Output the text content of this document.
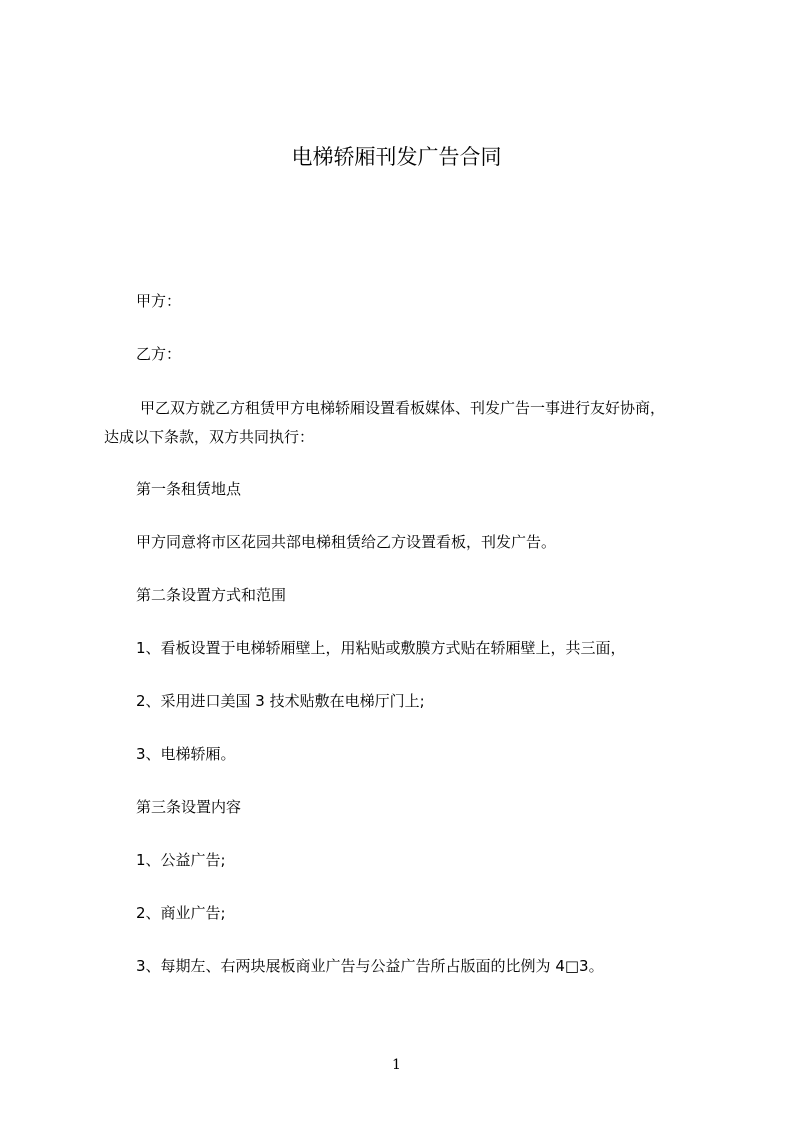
电梯轿厢刊发广告合同

甲方：

乙方：

甲乙双方就乙方租赁甲方电梯轿厢设置看板媒体、刊发广告一事进行友好协商，

达成以下条款，双方共同执行：

第一条租赁地点

甲方同意将市区花园共部电梯租赁给乙方设置看板，刊发广告。

第二条设置方式和范围

1、看板设置于电梯轿厢壁上，用粘贴或敷膜方式贴在轿厢壁上，共三面，

2、采用进口美国 3 技术贴敷在电梯厅门上;

3、电梯轿厢。

第三条设置内容

1、公益广告;

2、商业广告;

3、每期左、右两块展板商业广告与公益广告所占版面的比例为 4□3。

1
